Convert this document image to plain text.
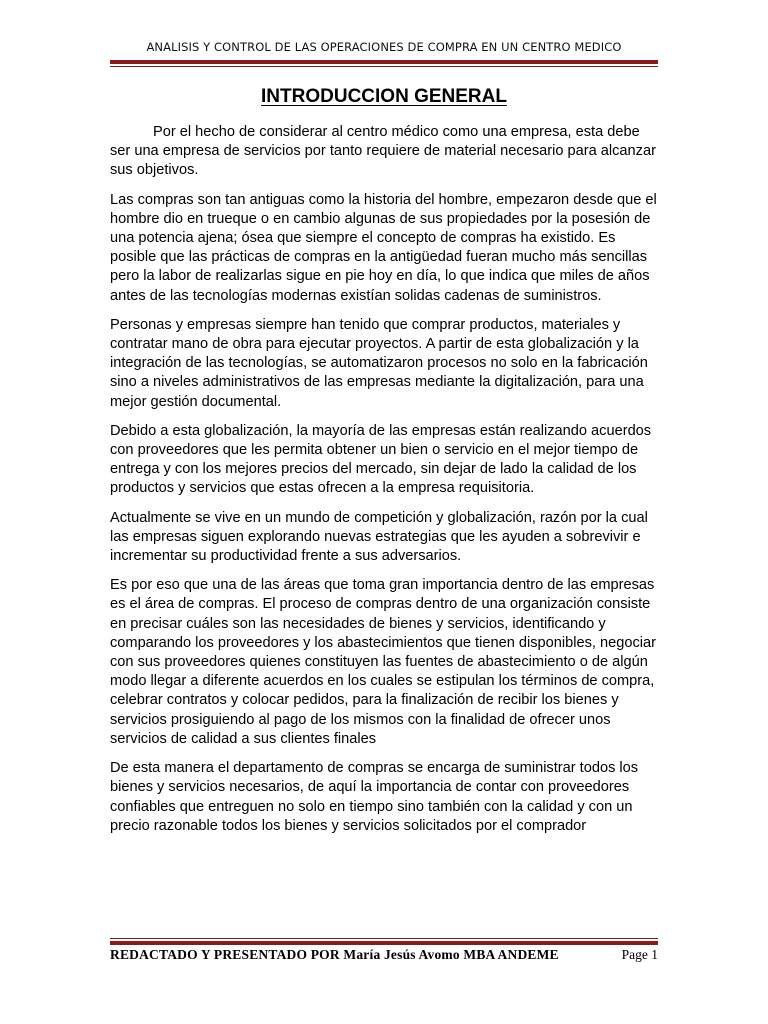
ANALISIS Y CONTROL DE LAS OPERACIONES DE COMPRA EN UN CENTRO MEDICO
INTRODUCCION GENERAL

Por el hecho de considerar al centro médico como una empresa, esta debe ser una empresa de servicios por tanto requiere de material necesario para alcanzar sus objetivos.

Las compras son tan antiguas como la historia del hombre, empezaron desde que el hombre dio en trueque o en cambio algunas de sus propiedades por la posesión de una potencia ajena; ósea que siempre el concepto de compras ha existido. Es posible que las prácticas de compras en la antigüedad fueran mucho más sencillas pero la labor de realizarlas sigue en pie hoy en día, lo que indica que miles de años antes de las tecnologías modernas existían solidas cadenas de suministros.

Personas y empresas siempre han tenido que comprar productos, materiales y contratar mano de obra para ejecutar proyectos. A partir de esta globalización y la integración de las tecnologías, se automatizaron procesos no solo en la fabricación sino a niveles administrativos de las empresas mediante la digitalización, para una mejor gestión documental.

Debido a esta globalización, la mayoría de las empresas están realizando acuerdos con proveedores que les permita obtener un bien o servicio en el mejor tiempo de entrega y con los mejores precios del mercado, sin dejar de lado la calidad de los productos y servicios que estas ofrecen a la empresa requisitoria.

Actualmente se vive en un mundo de competición y globalización, razón por la cual las empresas siguen explorando nuevas estrategias que les ayuden a sobrevivir e incrementar su productividad frente a sus adversarios.

Es por eso que una de las áreas que toma gran importancia dentro de las empresas es el área de compras. El proceso de compras dentro de una organización consiste en precisar cuáles son las necesidades de bienes y servicios, identificando y comparando los proveedores y los abastecimientos que tienen disponibles, negociar con sus proveedores quienes constituyen las fuentes de abastecimiento o de algún modo llegar a diferente acuerdos en los cuales se estipulan los términos de compra, celebrar contratos y colocar pedidos, para la finalización de recibir los bienes y servicios prosiguiendo al pago de los mismos con la finalidad de ofrecer unos servicios de calidad a sus clientes finales

De esta manera el departamento de compras se encarga de suministrar todos los bienes y servicios necesarios, de aquí la importancia de contar con proveedores confiables que entreguen no solo en tiempo sino también con la calidad y con un precio razonable todos los bienes y servicios solicitados por el comprador

REDACTADO Y PRESENTADO POR María Jesús Avomo MBA ANDEME	Page 1
